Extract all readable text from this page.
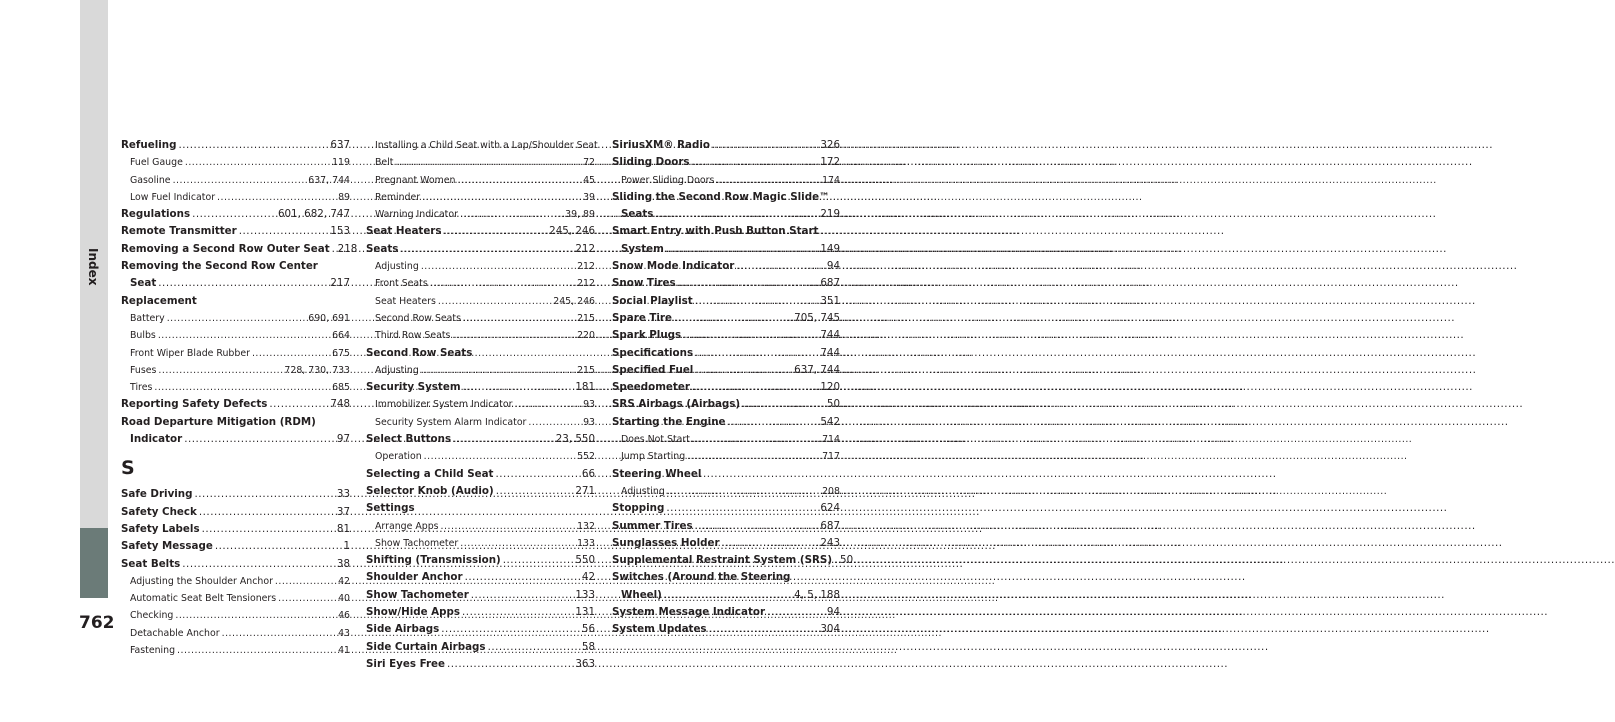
Index
762
Refueling .....	637
Fuel Gauge .....	119
Gasoline .....	637, 744
Low Fuel Indicator .....	89
Regulations .....	601, 682, 747
Remote Transmitter .....	153
Removing a Second Row Outer Seat ..... 218
Removing the Second Row Center
Seat .....	217
Replacement
Battery .....	690, 691
Bulbs .....	664
Front Wiper Blade Rubber .....	675
Fuses .....	728, 730, 733
Tires .....	685
Reporting Safety Defects .....	748
Road Departure Mitigation (RDM)
Indicator .....	97
S
Safe Driving .....	33
Safety Check .....	37
Safety Labels .....	81
Safety Message .....	1
Seat Belts .....	38
Adjusting the Shoulder Anchor .....	42
Automatic Seat Belt Tensioners .....	40
Checking .....	46
Detachable Anchor .....	43
Fastening .....	41
Installing a Child Seat with a Lap/Shoulder Seat
Belt .....	72
Pregnant Women .....	45
Reminder .....	39
Warning Indicator .....	39, 89
Seat Heaters .....	245, 246
Seats .....	212
Adjusting .....	212
Front Seats .....	212
Seat Heaters .....	245, 246
Second Row Seats .....	215
Third Row Seats .....	220
Second Row Seats
Adjusting .....	215
Security System .....	181
Immobilizer System Indicator .....	93
Security System Alarm Indicator .....	93
Select Buttons .....	23, 550
Operation .....	552
Selecting a Child Seat .....	66
Selector Knob (Audio) .....	271
Settings
Arrange Apps .....	132
Show Tachometer .....	133
Shifting (Transmission) .....	550
Shoulder Anchor .....	42
Show Tachometer .....	133
Show/Hide Apps .....	131
Side Airbags .....	56
Side Curtain Airbags .....	58
Siri Eyes Free .....	363
SiriusXM® Radio .....	326
Sliding Doors .....	172
Power Sliding Doors .....	174
Sliding the Second Row Magic Slide™
Seats .....	219
Smart Entry with Push Button Start
System .....	149
Snow Mode Indicator .....	94
Snow Tires .....	687
Social Playlist .....	351
Spare Tire .....	705, 745
Spark Plugs .....	744
Specifications .....	744
Specified Fuel .....	637, 744
Speedometer .....	120
SRS Airbags (Airbags) .....	50
Starting the Engine .....	542
Does Not Start .....	714
Jump Starting .....	717
Steering Wheel
Adjusting .....	208
Stopping .....	624
Summer Tires .....	687
Sunglasses Holder .....	243
Supplemental Restraint System (SRS) ..... 50
Switches (Around the Steering
Wheel) .....	4, 5, 188
System Message Indicator .....	94
System Updates .....	304
